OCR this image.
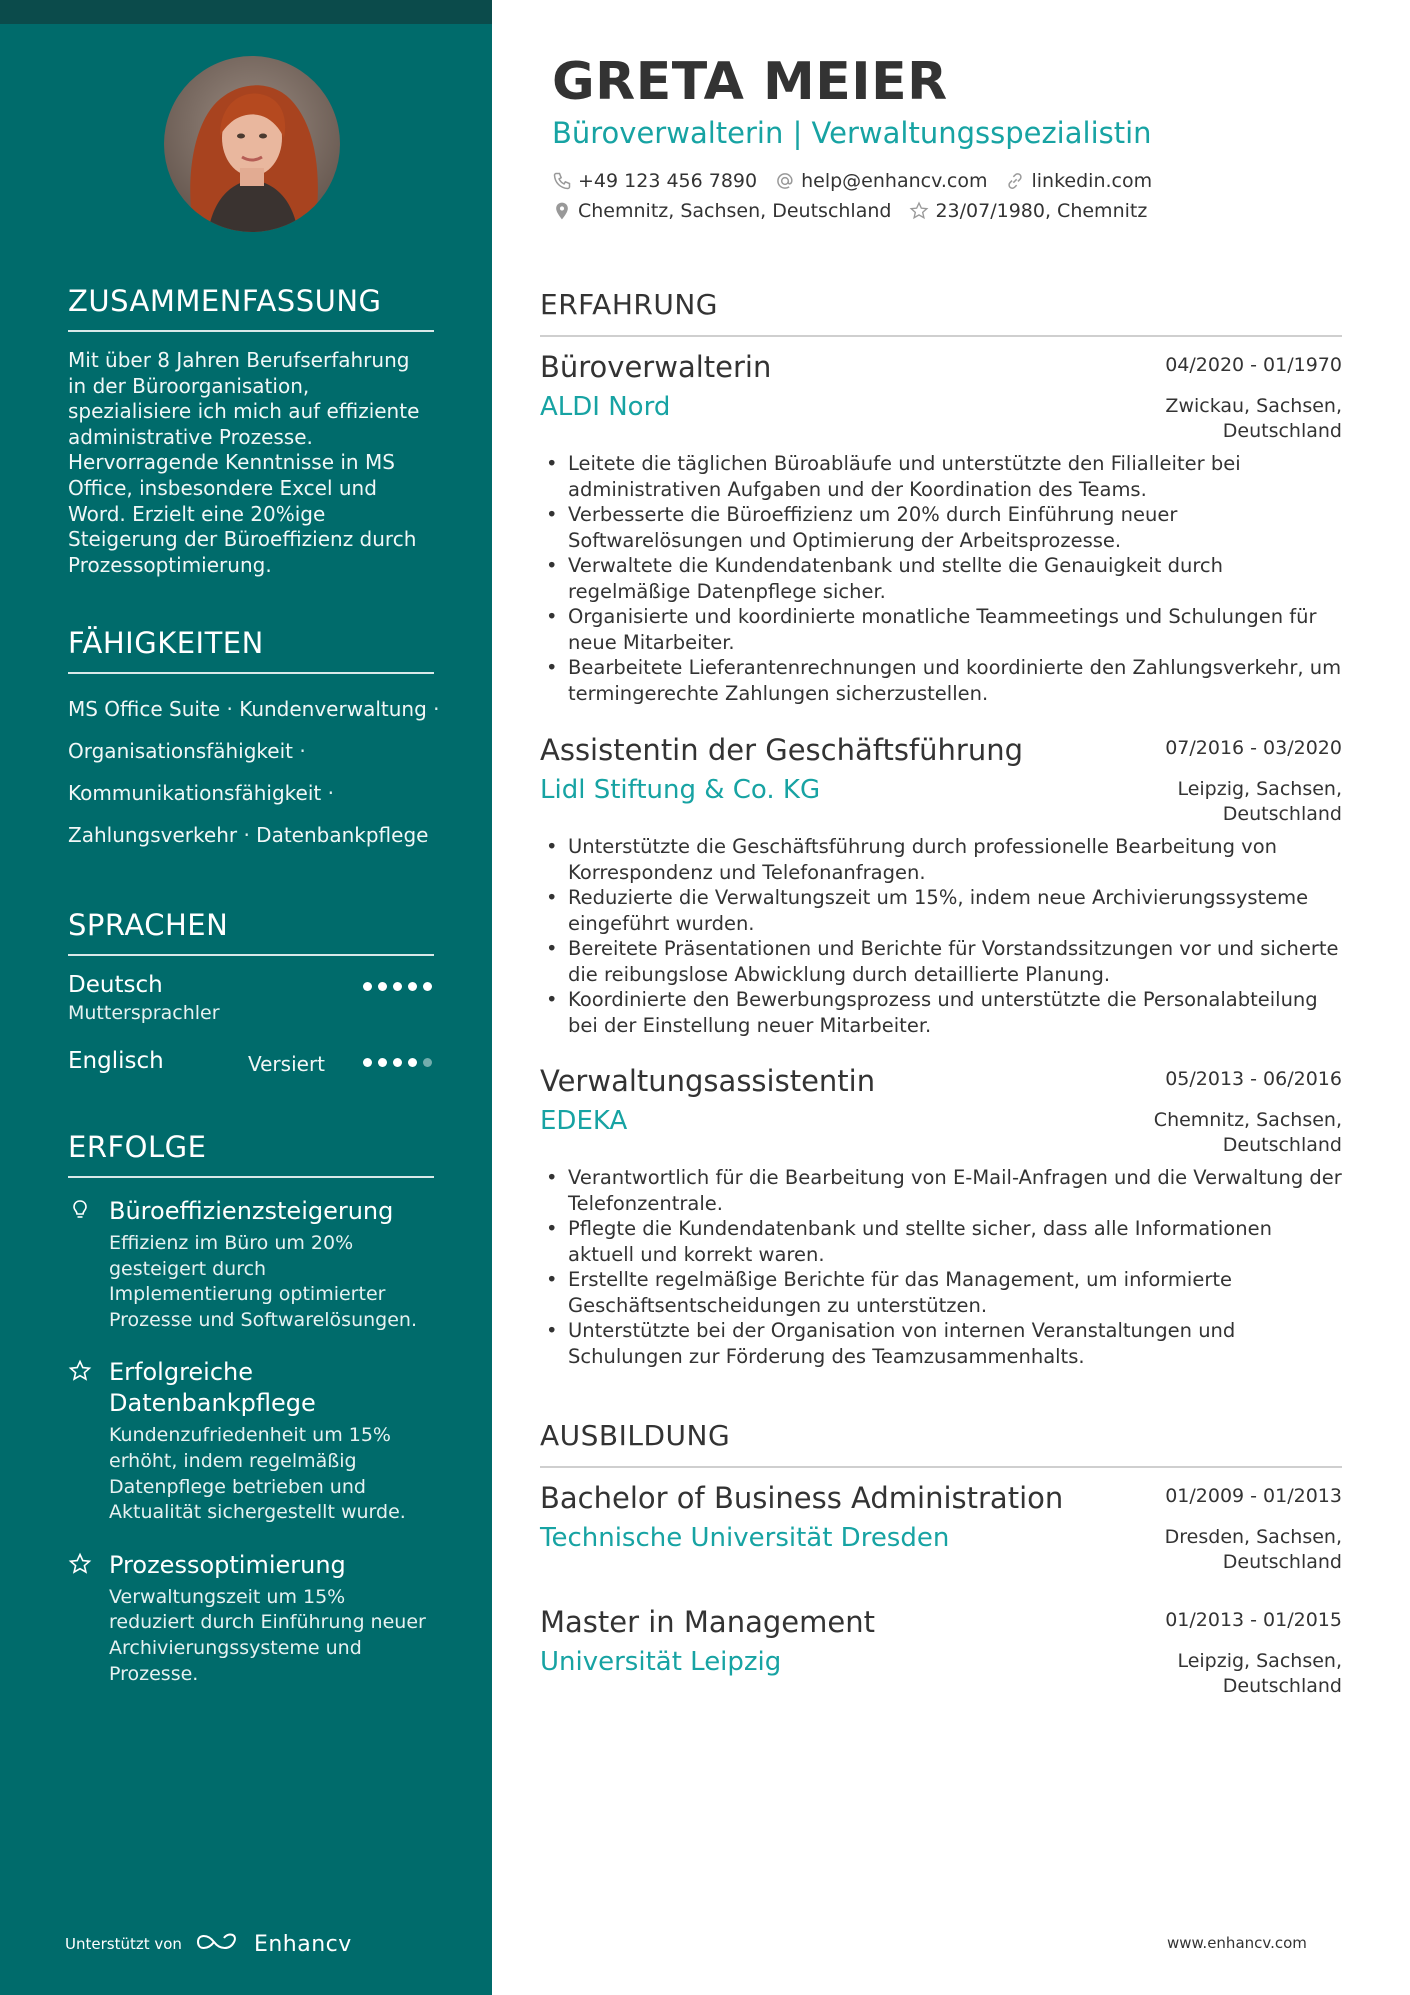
ZUSAMMENFASSUNG
Mit über 8 Jahren Berufserfahrung in der Büroorganisation, spezialisiere ich mich auf effiziente administrative Prozesse. Hervorragende Kenntnisse in MS Office, insbesondere Excel und Word. Erzielt eine 20%ige Steigerung der Büroeffizienz durch Prozessoptimierung.
FÄHIGKEITEN
MS Office Suite · Kundenverwaltung ·
Organisationsfähigkeit ·
Kommunikationsfähigkeit ·
Zahlungsverkehr · Datenbankpflege
SPRACHEN
Deutsch
Muttersprachler
Englisch	Versiert
ERFOLGE
Büroeffizienzsteigerung
Effizienz im Büro um 20% gesteigert durch Implementierung optimierter Prozesse und Softwarelösungen.
Erfolgreiche Datenbankpflege
Kundenzufriedenheit um 15% erhöht, indem regelmäßig Datenpflege betrieben und Aktualität sichergestellt wurde.
Prozessoptimierung
Verwaltungszeit um 15% reduziert durch Einführung neuer Archivierungssysteme und Prozesse.
Unterstützt von	Enhancv
GRETA MEIER
Büroverwalterin | Verwaltungsspezialistin
+49 123 456 7890 help@enhancv.com linkedin.com
Chemnitz, Sachsen, Deutschland 23/07/1980, Chemnitz
ERFAHRUNG
Büroverwalterin	04/2020 - 01/1970
ALDI Nord	Zwickau, Sachsen, Deutschland
• Leitete die täglichen Büroabläufe und unterstützte den Filialleiter bei administrativen Aufgaben und der Koordination des Teams.
• Verbesserte die Büroeffizienz um 20% durch Einführung neuer Softwarelösungen und Optimierung der Arbeitsprozesse.
• Verwaltete die Kundendatenbank und stellte die Genauigkeit durch regelmäßige Datenpflege sicher.
• Organisierte und koordinierte monatliche Teammeetings und Schulungen für neue Mitarbeiter.
• Bearbeitete Lieferantenrechnungen und koordinierte den Zahlungsverkehr, um termingerechte Zahlungen sicherzustellen.
Assistentin der Geschäftsführung	07/2016 - 03/2020
Lidl Stiftung & Co. KG	Leipzig, Sachsen, Deutschland
• Unterstützte die Geschäftsführung durch professionelle Bearbeitung von Korrespondenz und Telefonanfragen.
• Reduzierte die Verwaltungszeit um 15%, indem neue Archivierungssysteme eingeführt wurden.
• Bereitete Präsentationen und Berichte für Vorstandssitzungen vor und sicherte die reibungslose Abwicklung durch detaillierte Planung.
• Koordinierte den Bewerbungsprozess und unterstützte die Personalabteilung bei der Einstellung neuer Mitarbeiter.
Verwaltungsassistentin	05/2013 - 06/2016
EDEKA	Chemnitz, Sachsen, Deutschland
• Verantwortlich für die Bearbeitung von E-Mail-Anfragen und die Verwaltung der Telefonzentrale.
• Pflegte die Kundendatenbank und stellte sicher, dass alle Informationen aktuell und korrekt waren.
• Erstellte regelmäßige Berichte für das Management, um informierte Geschäftsentscheidungen zu unterstützen.
• Unterstützte bei der Organisation von internen Veranstaltungen und Schulungen zur Förderung des Teamzusammenhalts.
AUSBILDUNG
Bachelor of Business Administration	01/2009 - 01/2013
Technische Universität Dresden	Dresden, Sachsen, Deutschland
Master in Management	01/2013 - 01/2015
Universität Leipzig	Leipzig, Sachsen, Deutschland
www.enhancv.com
